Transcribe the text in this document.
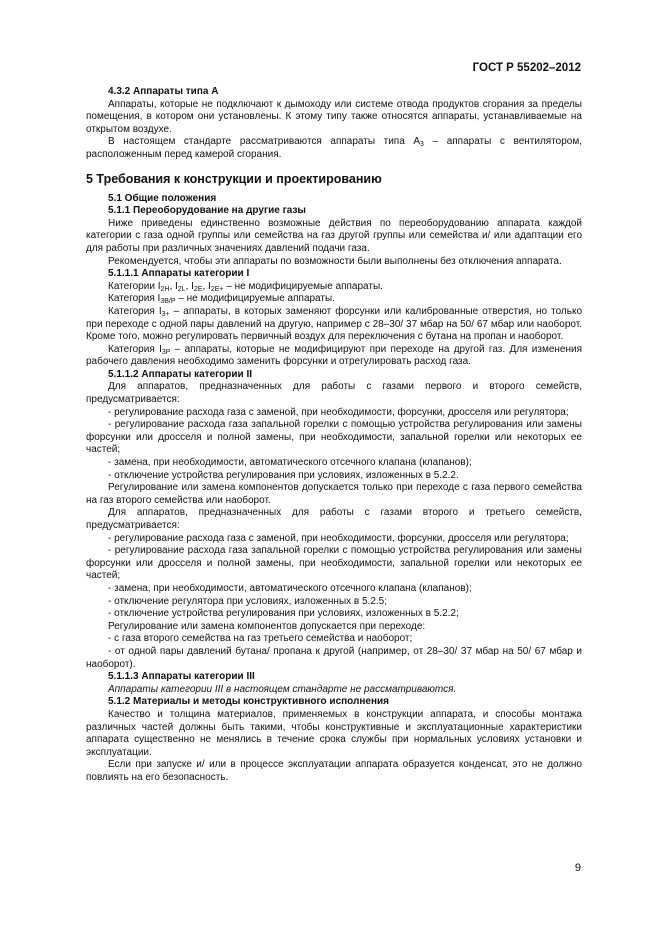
ГОСТ Р 55202–2012

4.3.2 Аппараты типа А

Аппараты, которые не подключают к дымоходу или системе отвода продуктов сгорания за пределы помещения, в котором они установлены. К этому типу также относятся аппараты, устанавливаемые на открытом воздухе.

В настоящем стандарте рассматриваются аппараты типа $А_3$ – аппараты с вентилятором, расположенным перед камерой сгорания.

5 Требования к конструкции и проектированию

5.1 Общие положения

5.1.1 Переоборудование на другие газы

Ниже приведены единственно возможные действия по переоборудованию аппарата каждой категории с газа одной группы или семейства на газ другой группы или семейства и/ или адаптации его для работы при различных значениях давлений подачи газа.

Рекомендуется, чтобы эти аппараты по возможности были выполнены без отключения аппарата.

5.1.1.1 Аппараты категории I

Категории $I_{2H}$, $I_{2L}$, $I_{2E}$, $I_{2E+}$ – не модифицируемые аппараты.

Категория $I_{3B/P}$ – не модифицируемые аппараты.

Категория $I_{3+}$ – аппараты, в которых заменяют форсунки или калиброванные отверстия, но только при переходе с одной пары давлений на другую, например с 28–30/ 37 мбар на 50/ 67 мбар или наоборот. Кроме того, можно регулировать первичный воздух для переключения с бутана на пропан и наоборот.

Категория $I_{3P}$ – аппараты, которые не модифицируют при переходе на другой газ. Для изменения рабочего давления необходимо заменить форсунки и отрегулировать расход газа.

5.1.1.2 Аппараты категории II

Для аппаратов, предназначенных для работы с газами первого и второго семейств, предусматривается:

- регулирование расхода газа с заменой, при необходимости, форсунки, дросселя или регулятора;

- регулирование расхода газа запальной горелки с помощью устройства регулирования или замены форсунки или дросселя и полной замены, при необходимости, запальной горелки или некоторых ее частей;

- замена, при необходимости, автоматического отсечного клапана (клапанов);

- отключение устройства регулирования при условиях, изложенных в 5.2.2.

Регулирование или замена компонентов допускается только при переходе с газа первого семейства на газ второго семейства или наоборот.

Для аппаратов, предназначенных для работы с газами второго и третьего семейств, предусматривается:

- регулирование расхода газа с заменой, при необходимости, форсунки, дросселя или регулятора;

- регулирование расхода газа запальной горелки с помощью устройства регулирования или замены форсунки или дросселя и полной замены, при необходимости, запальной горелки или некоторых ее частей;

- замена, при необходимости, автоматического отсечного клапана (клапанов);

- отключение регулятора при условиях, изложенных в 5.2.5;

- отключение устройства регулирования при условиях, изложенных в 5.2.2;

Регулирование или замена компонентов допускается при переходе:

- с газа второго семейства на газ третьего семейства и наоборот;

- от одной пары давлений бутана/ пропана к другой (например, от 28–30/ 37 мбар на 50/ 67 мбар и наоборот).

5.1.1.3 Аппараты категории III

Аппараты категории III в настоящем стандарте не рассматриваются.

5.1.2 Материалы и методы конструктивного исполнения

Качество и толщина материалов, применяемых в конструкции аппарата, и способы монтажа различных частей должны быть такими, чтобы конструктивные и эксплуатационные характеристики аппарата существенно не менялись в течение срока службы при нормальных условиях установки и эксплуатации.

Если при запуске и/ или в процессе эксплуатации аппарата образуется конденсат, это не должно повлиять на его безопасность.

9
